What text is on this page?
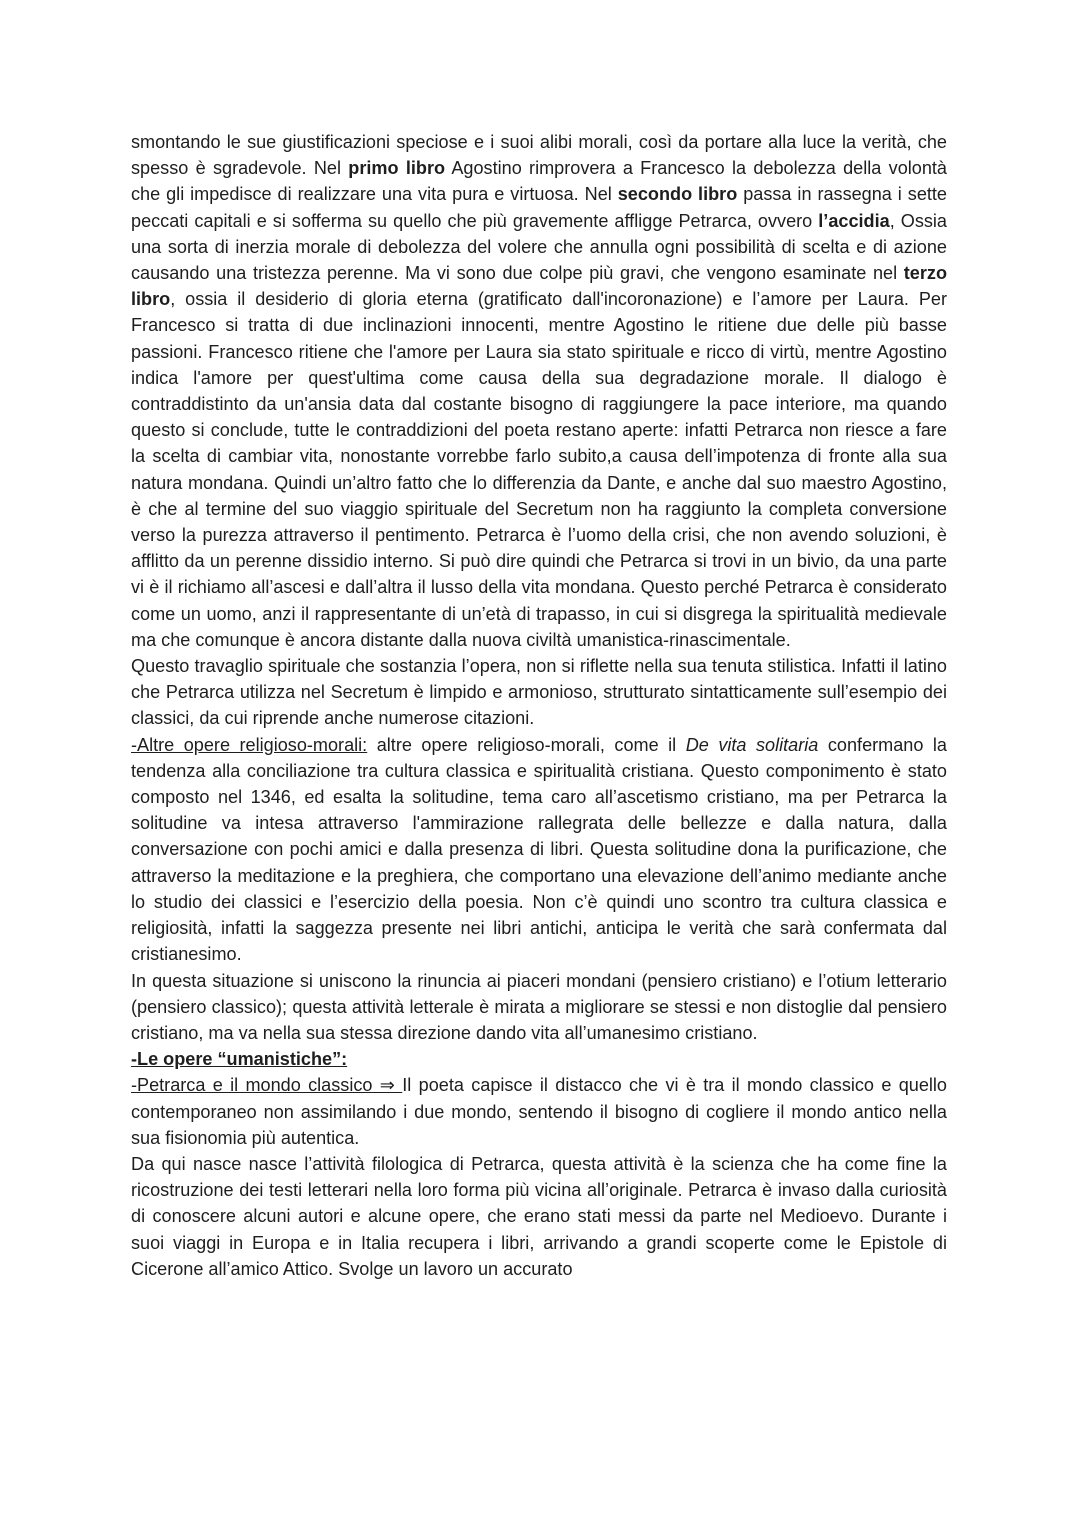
smontando le sue giustificazioni speciose e i suoi alibi morali, così da portare alla luce la verità, che spesso è sgradevole. Nel primo libro Agostino rimprovera a Francesco la debolezza della volontà che gli impedisce di realizzare una vita pura e virtuosa. Nel secondo libro passa in rassegna i sette peccati capitali e si sofferma su quello che più gravemente affligge Petrarca, ovvero l’accidia, Ossia una sorta di inerzia morale di debolezza del volere che annulla ogni possibilità di scelta e di azione causando una tristezza perenne. Ma vi sono due colpe più gravi, che vengono esaminate nel terzo libro, ossia il desiderio di gloria eterna (gratificato dall'incoronazione) e l’amore per Laura. Per Francesco si tratta di due inclinazioni innocenti, mentre Agostino le ritiene due delle più basse passioni. Francesco ritiene che l'amore per Laura sia stato spirituale e ricco di virtù, mentre Agostino indica l'amore per quest'ultima come causa della sua degradazione morale. Il dialogo è contraddistinto da un'ansia data dal costante bisogno di raggiungere la pace interiore, ma quando questo si conclude, tutte le contraddizioni del poeta restano aperte: infatti Petrarca non riesce a fare la scelta di cambiar vita, nonostante vorrebbe farlo subito,a causa dell’impotenza di fronte alla sua natura mondana. Quindi un’altro fatto che lo differenzia da Dante, e anche dal suo maestro Agostino, è che al termine del suo viaggio spirituale del Secretum non ha raggiunto la completa conversione verso la purezza attraverso il pentimento. Petrarca è l’uomo della crisi, che non avendo soluzioni, è afflitto da un perenne dissidio interno. Si può dire quindi che Petrarca si trovi in un bivio, da una parte vi è il richiamo all’ascesi e dall’altra il lusso della vita mondana. Questo perché Petrarca è considerato come un uomo, anzi il rappresentante di un’età di trapasso, in cui si disgrega la spiritualità medievale ma che comunque è ancora distante dalla nuova civiltà umanistica-rinascimentale.

Questo travaglio spirituale che sostanzia l’opera, non si riflette nella sua tenuta stilistica. Infatti il latino che Petrarca utilizza nel Secretum è limpido e armonioso, strutturato sintatticamente sull’esempio dei classici, da cui riprende anche numerose citazioni.

-Altre opere religioso-morali: altre opere religioso-morali, come il De vita solitaria confermano la tendenza alla conciliazione tra cultura classica e spiritualità cristiana. Questo componimento è stato composto nel 1346, ed esalta la solitudine, tema caro all’ascetismo cristiano, ma per Petrarca la solitudine va intesa attraverso l'ammirazione rallegrata delle bellezze e dalla natura, dalla conversazione con pochi amici e dalla presenza di libri. Questa solitudine dona la purificazione, che attraverso la meditazione e la preghiera, che comportano una elevazione dell’animo mediante anche lo studio dei classici e l’esercizio della poesia. Non c’è quindi uno scontro tra cultura classica e religiosità, infatti la saggezza presente nei libri antichi, anticipa le verità che sarà confermata dal cristianesimo.

In questa situazione si uniscono la rinuncia ai piaceri mondani (pensiero cristiano) e l’otium letterario (pensiero classico); questa attività letterale è mirata a migliorare se stessi e non distoglie dal pensiero cristiano, ma va nella sua stessa direzione dando vita all’umanesimo cristiano.

-Le opere “umanistiche”:

-Petrarca e il mondo classico ⇒ Il poeta capisce il distacco che vi è tra il mondo classico e quello contemporaneo non assimilando i due mondo, sentendo il bisogno di cogliere il mondo antico nella sua fisionomia più autentica.

Da qui nasce nasce l’attività filologica di Petrarca, questa attività è la scienza che ha come fine la ricostruzione dei testi letterari nella loro forma più vicina all’originale. Petrarca è invaso dalla curiosità di conoscere alcuni autori e alcune opere, che erano stati messi da parte nel Medioevo. Durante i suoi viaggi in Europa e in Italia recupera i libri, arrivando a grandi scoperte come le Epistole di Cicerone all’amico Attico. Svolge un lavoro un accurato
